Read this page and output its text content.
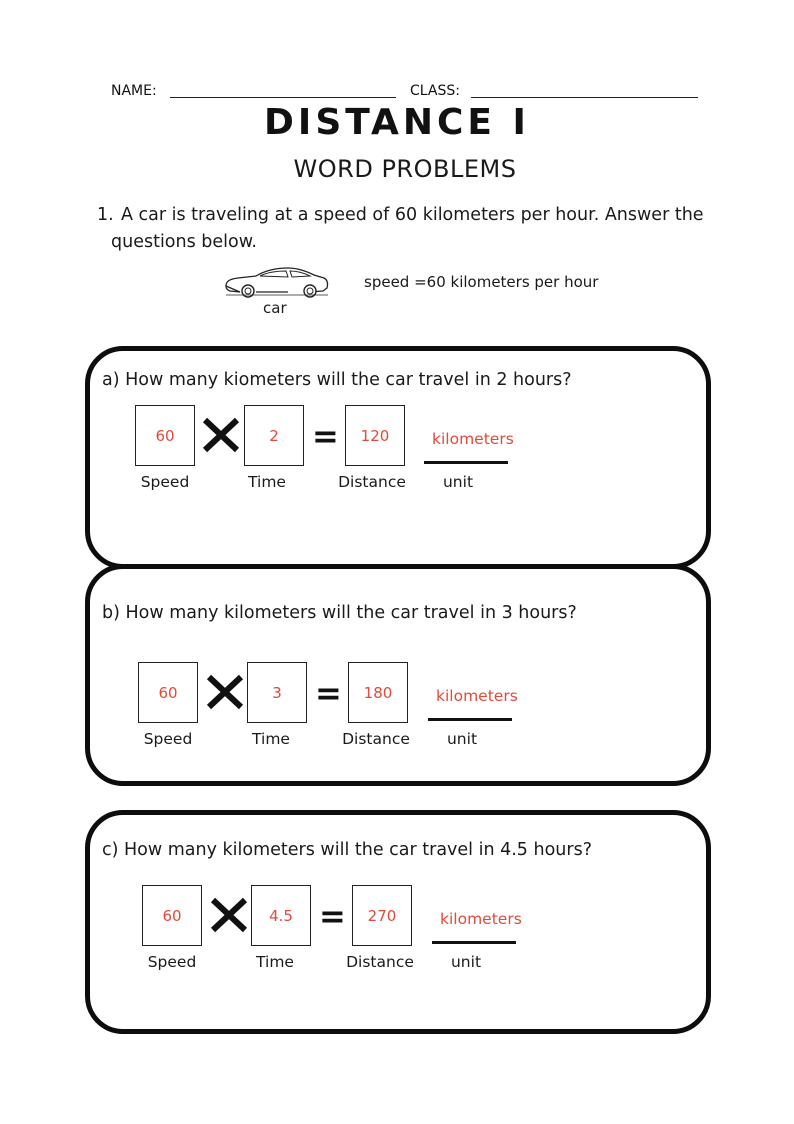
NAME:	CLASS:
DISTANCE I
WORD PROBLEMS
1. A car is traveling at a speed of 60 kilometers per hour. Answer the
questions below.
car
speed =60 kilometers per hour
a) How many kiometers will the car travel in 2 hours?
60	2	=	120	kilometers
Speed	Time	Distance	unit
b) How many kilometers will the car travel in 3 hours?
60	3	=	180	kilometers
Speed	Time	Distance	unit
c) How many kilometers will the car travel in 4.5 hours?
60	4.5 =	270	kilometers
Speed	Time	Distance	unit
